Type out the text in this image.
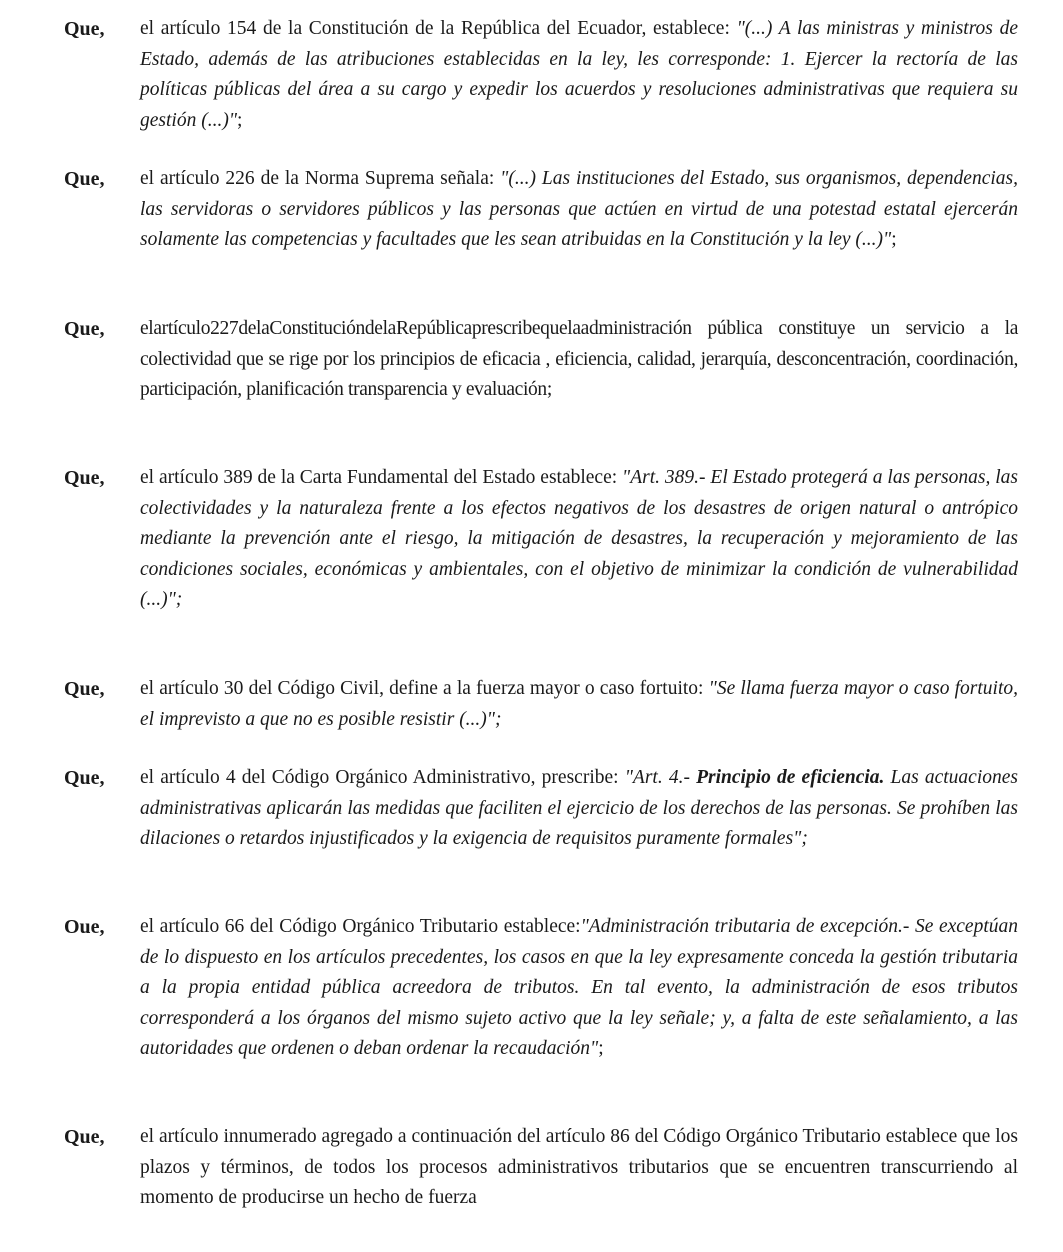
Que, el artículo 154 de la Constitución de la República del Ecuador, establece: "(...) A las ministras y ministros de Estado, además de las atribuciones establecidas en la ley, les corresponde: 1. Ejercer la rectoría de las políticas públicas del área a su cargo y expedir los acuerdos y resoluciones administrativas que requiera su gestión (...)";
Que, el artículo 226 de la Norma Suprema señala: "(...) Las instituciones del Estado, sus organismos, dependencias, las servidoras o servidores públicos y las personas que actúen en virtud de una potestad estatal ejercerán solamente las competencias y facultades que les sean atribuidas en la Constitución y la ley (...)";
Que, elartículo227delaConstitucióndelaRepúblicaprescribequelaadministración pública constituye un servicio a la colectividad que se rige por los principios de eficacia , eficiencia, calidad, jerarquía, desconcentración, coordinación, participación, planificación transparencia y evaluación;
Que, el artículo 389 de la Carta Fundamental del Estado establece: "Art. 389.- El Estado protegerá a las personas, las colectividades y la naturaleza frente a los efectos negativos de los desastres de origen natural o antrópico mediante la prevención ante el riesgo, la mitigación de desastres, la recuperación y mejoramiento de las condiciones sociales, económicas y ambientales, con el objetivo de minimizar la condición de vulnerabilidad (...)";
Que, el artículo 30 del Código Civil, define a la fuerza mayor o caso fortuito: "Se llama fuerza mayor o caso fortuito, el imprevisto a que no es posible resistir (...)";
Que, el artículo 4 del Código Orgánico Administrativo, prescribe: "Art. 4.- Principio de eficiencia. Las actuaciones administrativas aplicarán las medidas que faciliten el ejercicio de los derechos de las personas. Se prohíben las dilaciones o retardos injustificados y la exigencia de requisitos puramente formales";
Oue, el artículo 66 del Código Orgánico Tributario establece:"Administración tributaria de excepción.- Se exceptúan de lo dispuesto en los artículos precedentes, los casos en que la ley expresamente conceda la gestión tributaria a la propia entidad pública acreedora de tributos. En tal evento, la administración de esos tributos corresponderá a los órganos del mismo sujeto activo que la ley señale; y, a falta de este señalamiento, a las autoridades que ordenen o deban ordenar la recaudación";
Que, el artículo innumerado agregado a continuación del artículo 86 del Código Orgánico Tributario establece que los plazos y términos, de todos los procesos administrativos tributarios que se encuentren transcurriendo al momento de producirse un hecho de fuerza
